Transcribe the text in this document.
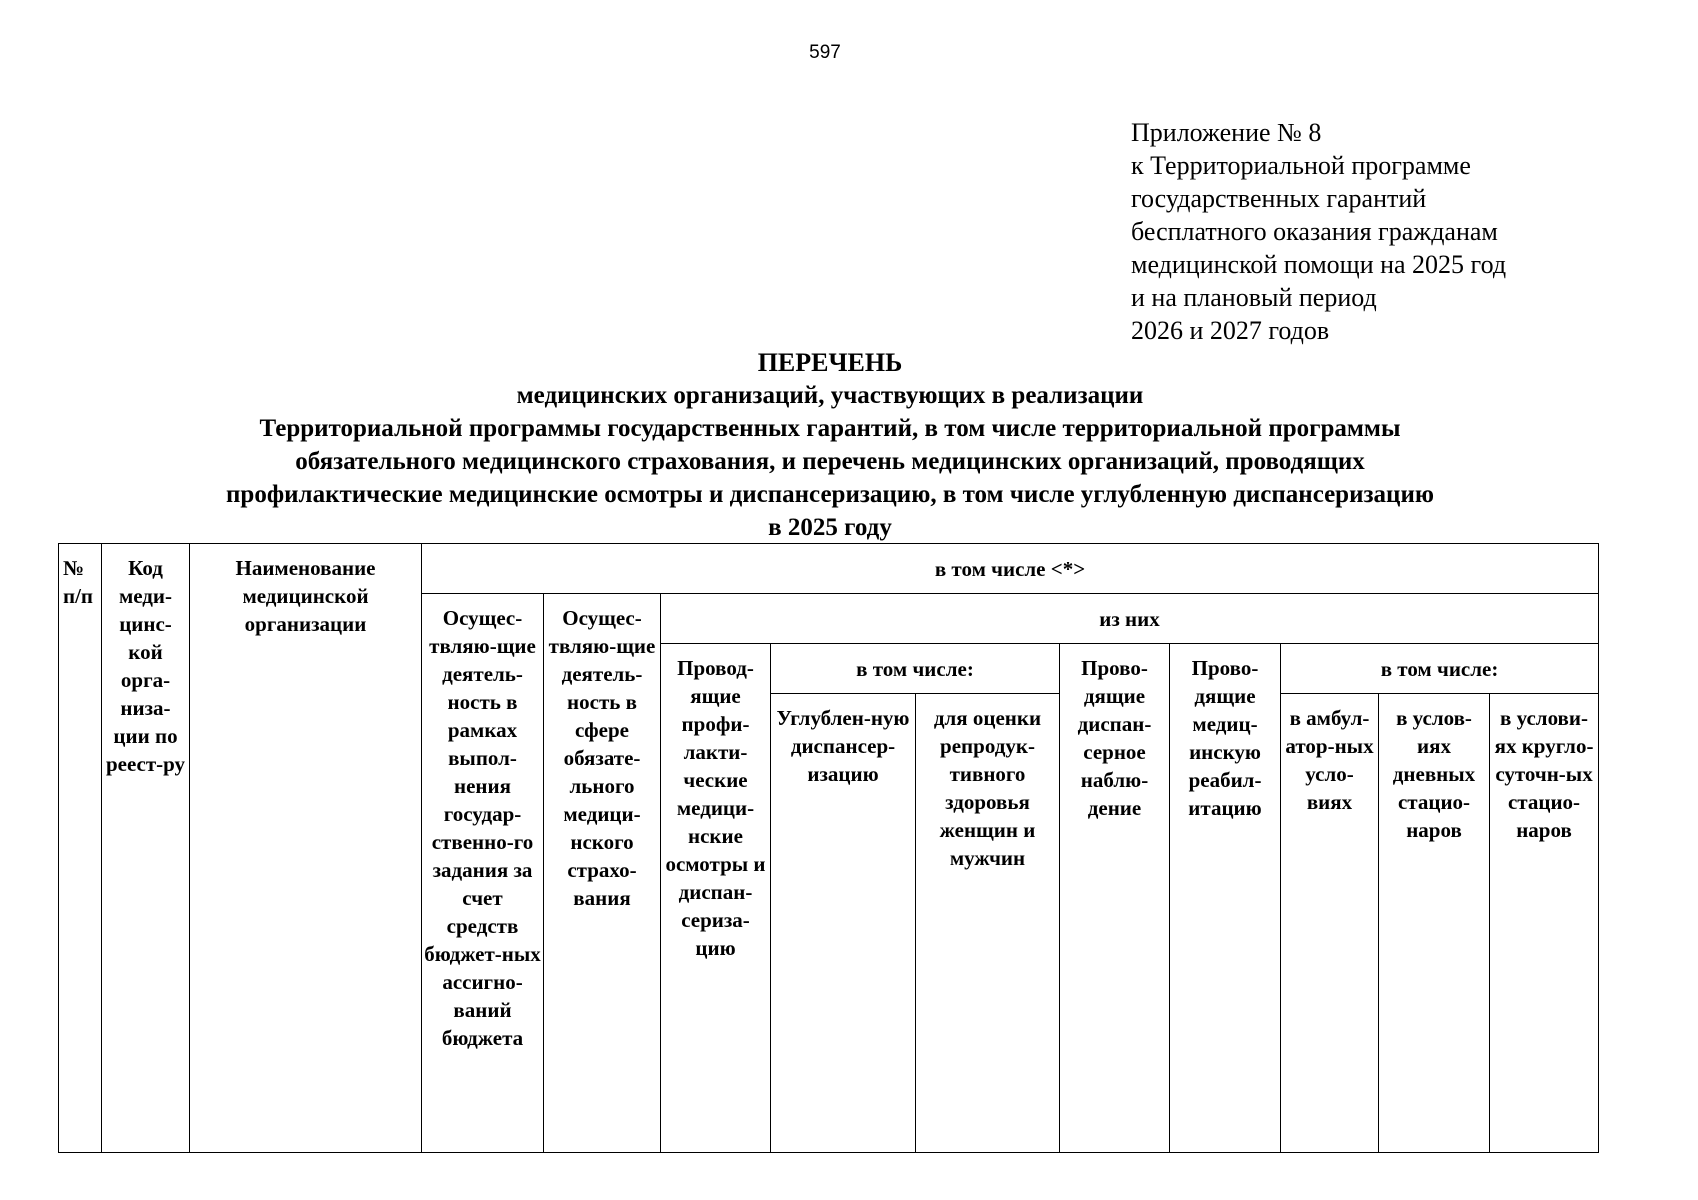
597
Приложение № 8
к Территориальной программе
государственных гарантий
бесплатного оказания гражданам
медицинской помощи на 2025 год
и на плановый период
2026 и 2027 годов
ПЕРЕЧЕНЬ
медицинских организаций, участвующих в реализации
Территориальной программы государственных гарантий, в том числе территориальной программы
обязательного медицинского страхования, и перечень медицинских организаций, проводящих
профилактические медицинские осмотры и диспансеризацию, в том числе углубленную диспансеризацию
в 2025 году
№ п/п	Код меди-цинс-кой орга-низа-ции по реест-ру	Наименование медицинской организации	в том числе <*>									
			Осущес-твляю-щие деятель-ность в рамках выпол-нения государ-ственно-го задания за счет средств бюджет-ных ассигно-ваний бюджета	Осущес-твляю-щие деятель-ность в сфере обязате-льного медици-нского страхо-вания	из них							
					Провод-ящие профи-лакти-ческие медици-нские осмотры и диспан-сериза-цию	в том числе:		Прово-дящие диспан-серное наблю-дение	Прово-дящие медиц-инскую реабил-итацию	в том числе:		
						Углублен-ную диспансер-изацию	для оценки репродук-тивного здоровья женщин и мужчин			в амбул-атор-ных усло-виях	в услов-иях дневных стацио-наров	в услови-ях кругло-суточн-ых стацио-наров
